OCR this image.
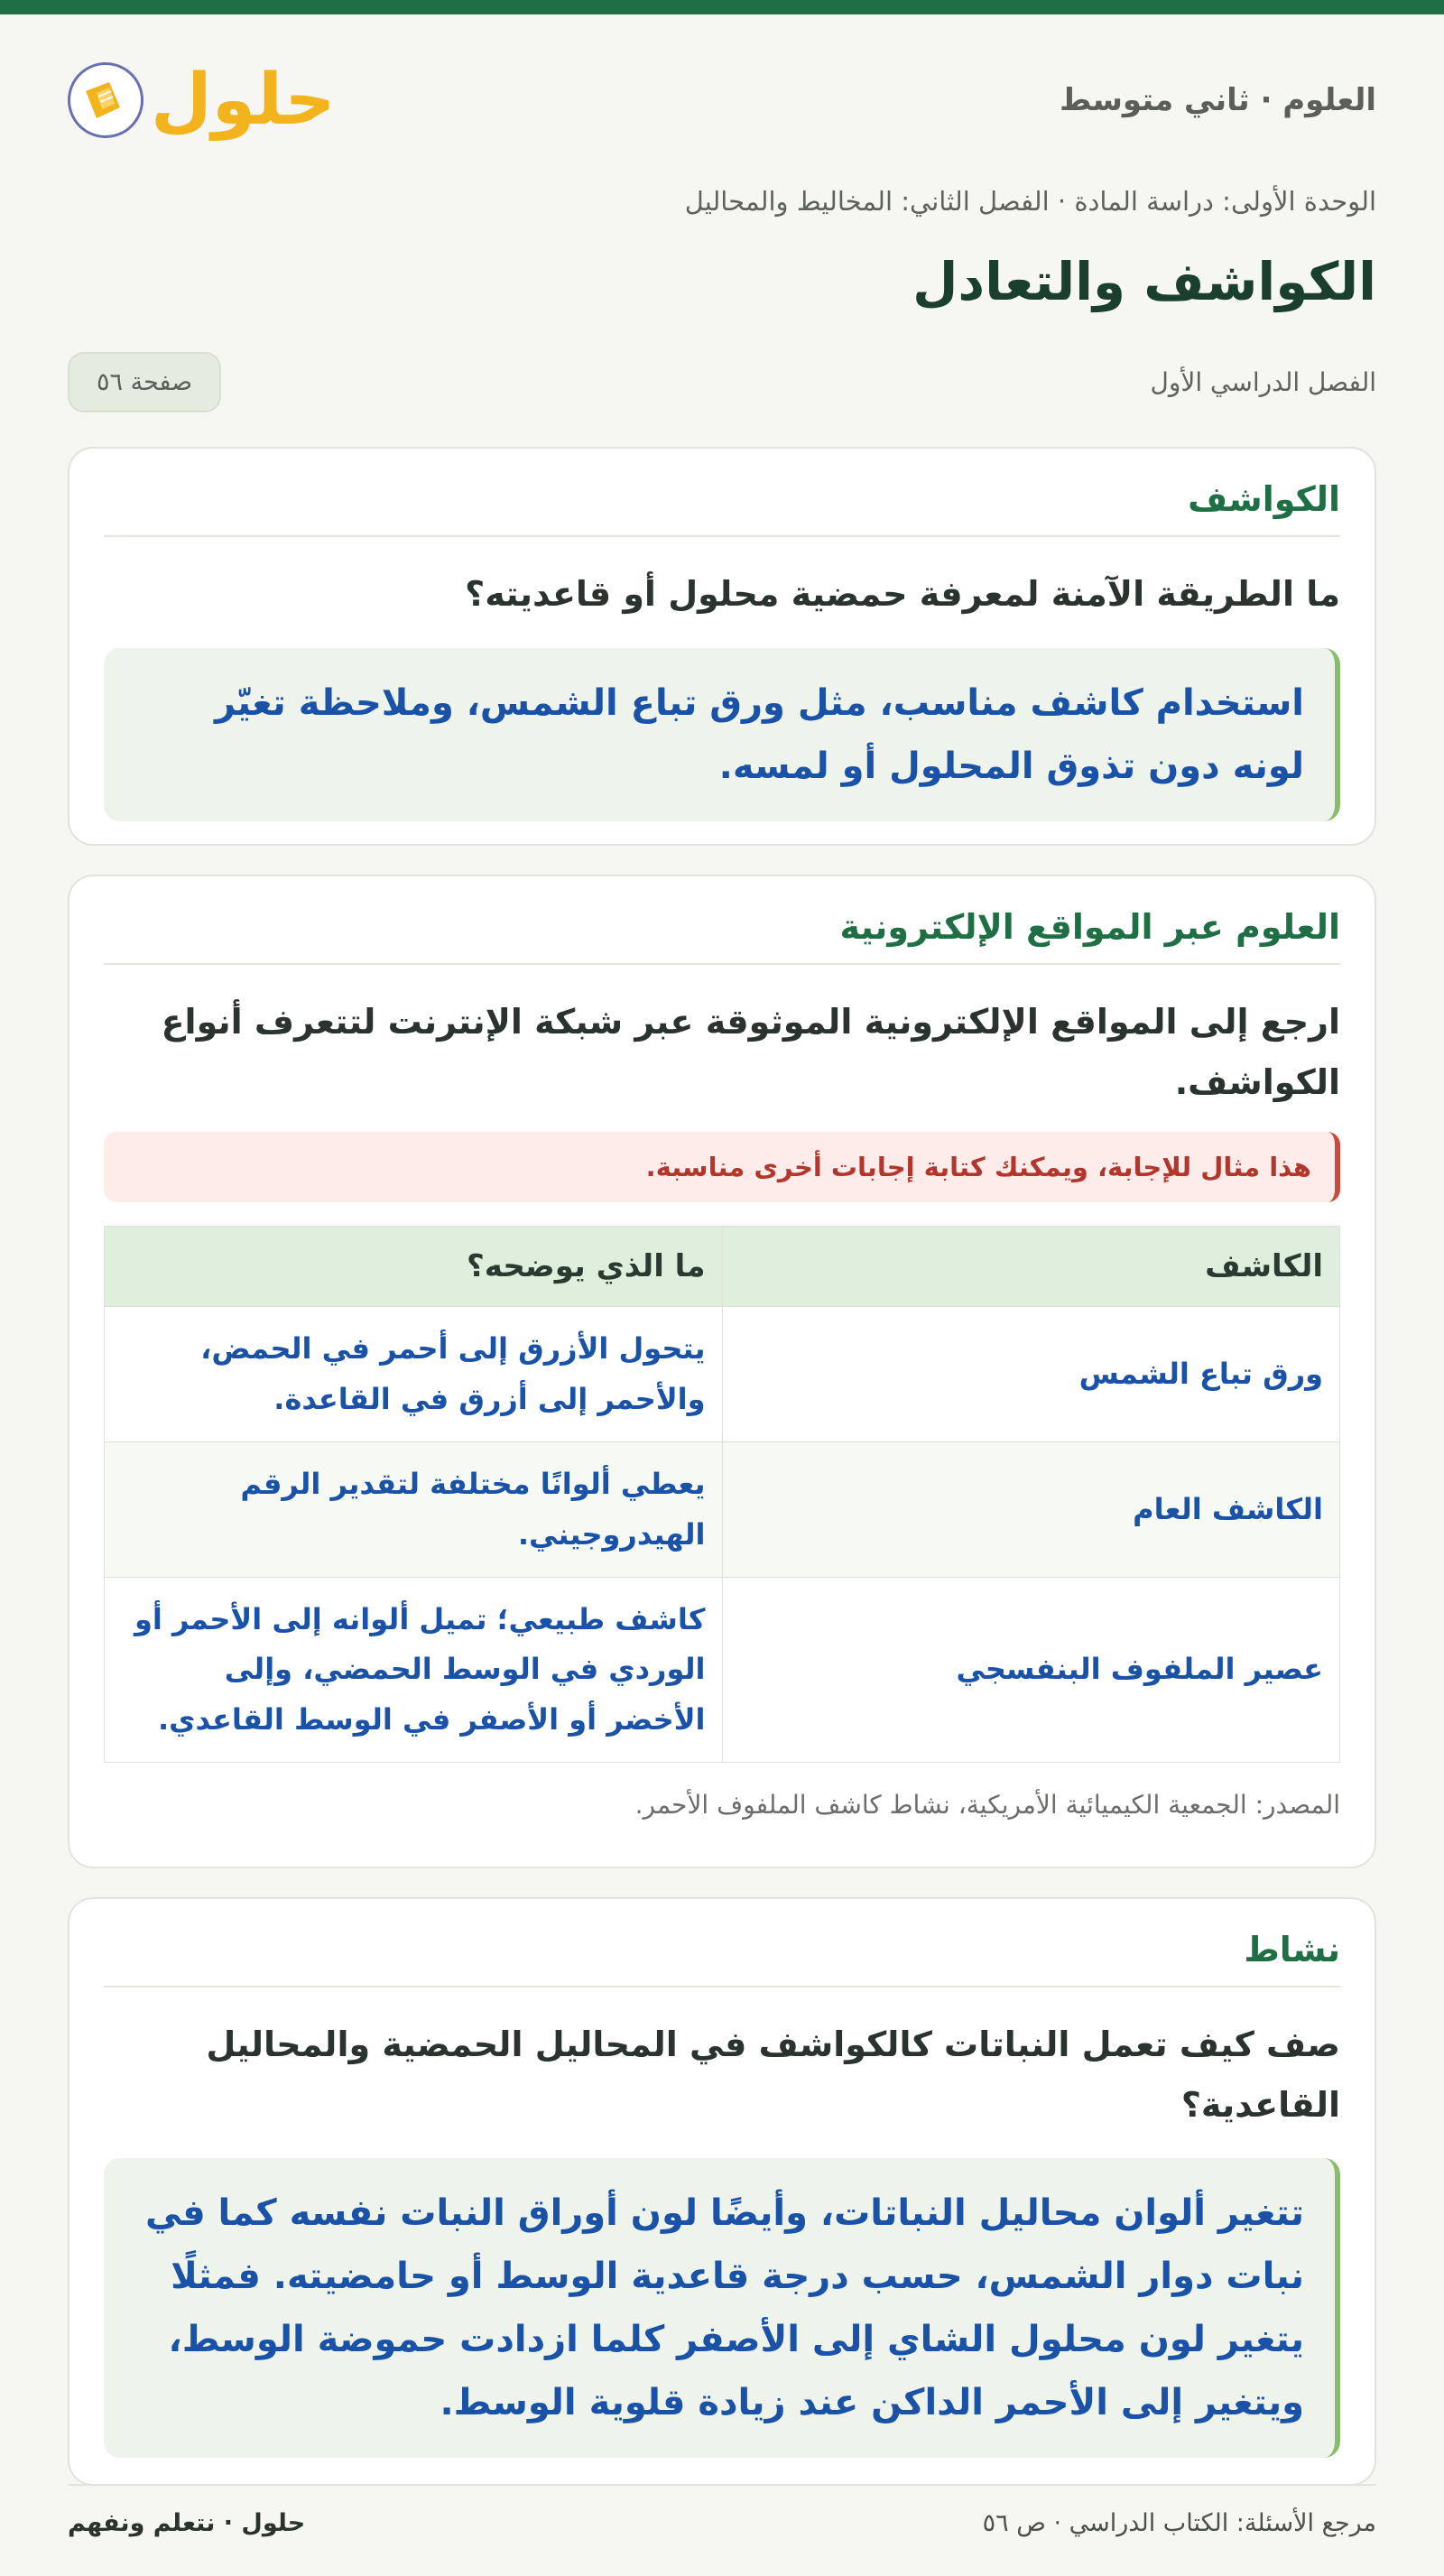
العلوم · ثاني متوسط
حلول
الوحدة الأولى: دراسة المادة · الفصل الثاني: المخاليط والمحاليل
الكواشف والتعادل
الفصل الدراسي الأول
صفحة ٥٦
الكواشف

ما الطريقة الآمنة لمعرفة حمضية محلول أو قاعديته؟

استخدام كاشف مناسب، مثل ورق تباع الشمس، وملاحظة تغيّر لونه دون تذوق المحلول أو لمسه.
العلوم عبر المواقع الإلكترونية

ارجع إلى المواقع الإلكترونية الموثوقة عبر شبكة الإنترنت لتتعرف أنواع الكواشف.

هذا مثال للإجابة، ويمكنك كتابة إجابات أخرى مناسبة.
الكاشف	ما الذي يوضحه؟
ورق تباع الشمس	يتحول الأزرق إلى أحمر في الحمض، والأحمر إلى أزرق في القاعدة.
الكاشف العام	يعطي ألوانًا مختلفة لتقدير الرقم الهيدروجيني.
عصير الملفوف البنفسجي	كاشف طبيعي؛ تميل ألوانه إلى الأحمر أو الوردي في الوسط الحمضي، وإلى الأخضر أو الأصفر في الوسط القاعدي.

المصدر: الجمعية الكيميائية الأمريكية، نشاط كاشف الملفوف الأحمر.

نشاط

صف كيف تعمل النباتات كالكواشف في المحاليل الحمضية والمحاليل القاعدية؟

تتغير ألوان محاليل النباتات، وأيضًا لون أوراق النبات نفسه كما في نبات دوار الشمس، حسب درجة قاعدية الوسط أو حامضيته. فمثلًا يتغير لون محلول الشاي إلى الأصفر كلما ازدادت حموضة الوسط، ويتغير إلى الأحمر الداكن عند زيادة قلوية الوسط.
مرجع الأسئلة: الكتاب الدراسي · ص ٥٦
حلول · نتعلم ونفهم
